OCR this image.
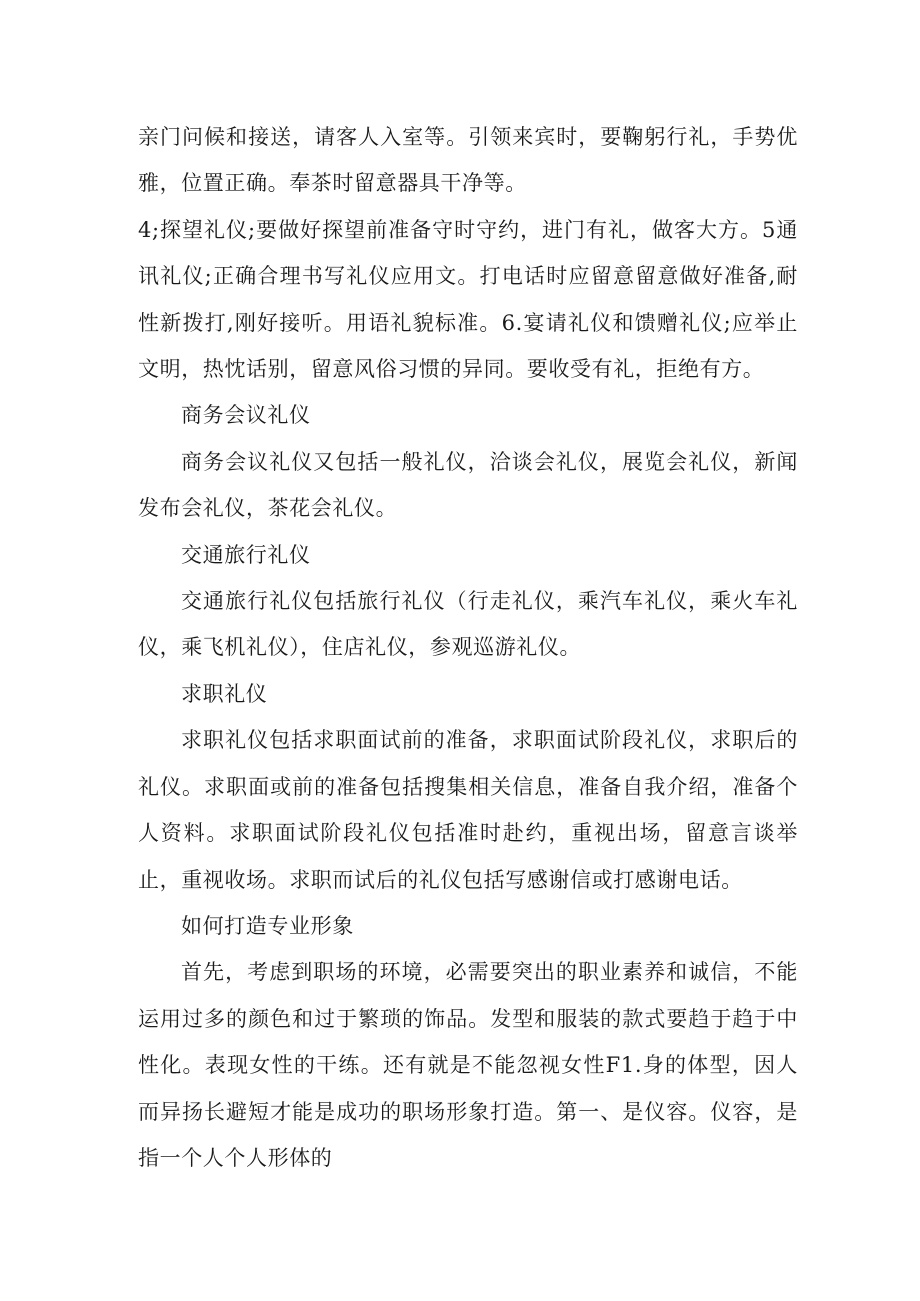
亲门问候和接送，请客人入室等。引领来宾时，要鞠躬行礼，手势优雅，位置正确。奉茶时留意器具干净等。

4;探望礼仪;要做好探望前准备守时守约，进门有礼，做客大方。5通讯礼仪;正确合理书写礼仪应用文。打电话时应留意留意做好准备,耐性新拨打,刚好接听。用语礼貌标准。6.宴请礼仪和馈赠礼仪;应举止文明，热忱话别，留意风俗习惯的异同。要收受有礼，拒绝有方。

商务会议礼仪

商务会议礼仪又包括一般礼仪，洽谈会礼仪，展览会礼仪，新闻发布会礼仪，茶花会礼仪。

交通旅行礼仪

交通旅行礼仪包括旅行礼仪（行走礼仪，乘汽车礼仪，乘火车礼仪，乘飞机礼仪），住店礼仪，参观巡游礼仪。

求职礼仪

求职礼仪包括求职面试前的准备，求职面试阶段礼仪，求职后的礼仪。求职面或前的准备包括搜集相关信息，准备自我介绍，准备个人资料。求职面试阶段礼仪包括准时赴约，重视出场，留意言谈举止，重视收场。求职而试后的礼仪包括写感谢信或打感谢电话。

如何打造专业形象

首先，考虑到职场的环境，必需要突出的职业素养和诚信，不能运用过多的颜色和过于繁琐的饰品。发型和服装的款式要趋于趋于中性化。表现女性的干练。还有就是不能忽视女性F1.身的体型，因人而异扬长避短才能是成功的职场形象打造。第一、是仪容。仪容，是指一个人个人形体的
